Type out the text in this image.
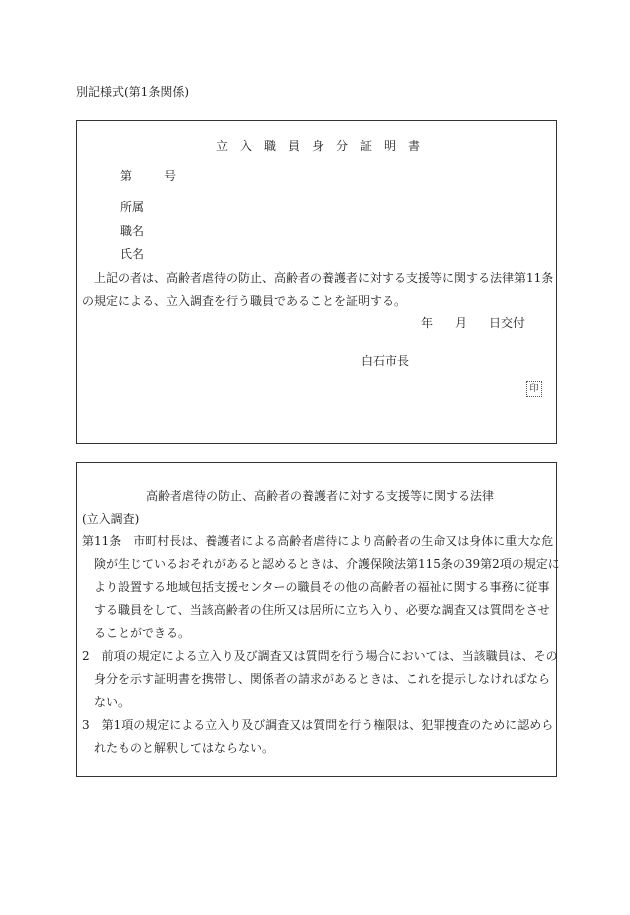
別記様式(第1条関係)
立入職員身分証明書
第	号
所属
職名
氏名
上記の者は、高齢者虐待の防止、高齢者の養護者に対する支援等に関する法律第11条
の規定による、立入調査を行う職員であることを証明する。
年 月 日交付
白石市長
印
高齢者虐待の防止、高齢者の養護者に対する支援等に関する法律
(立入調査)
第11条　市町村長は、養護者による高齢者虐待により高齢者の生命又は身体に重大な危
険が生じているおそれがあると認めるときは、介護保険法第115条の39第2項の規定に
より設置する地域包括支援センターの職員その他の高齢者の福祉に関する事務に従事
する職員をして、当該高齢者の住所又は居所に立ち入り、必要な調査又は質問をさせ
ることができる。
2　前項の規定による立入り及び調査又は質問を行う場合においては、当該職員は、その
身分を示す証明書を携帯し、関係者の請求があるときは、これを提示しなければなら
ない。
3　第1項の規定による立入り及び調査又は質問を行う権限は、犯罪捜査のために認めら
れたものと解釈してはならない。
